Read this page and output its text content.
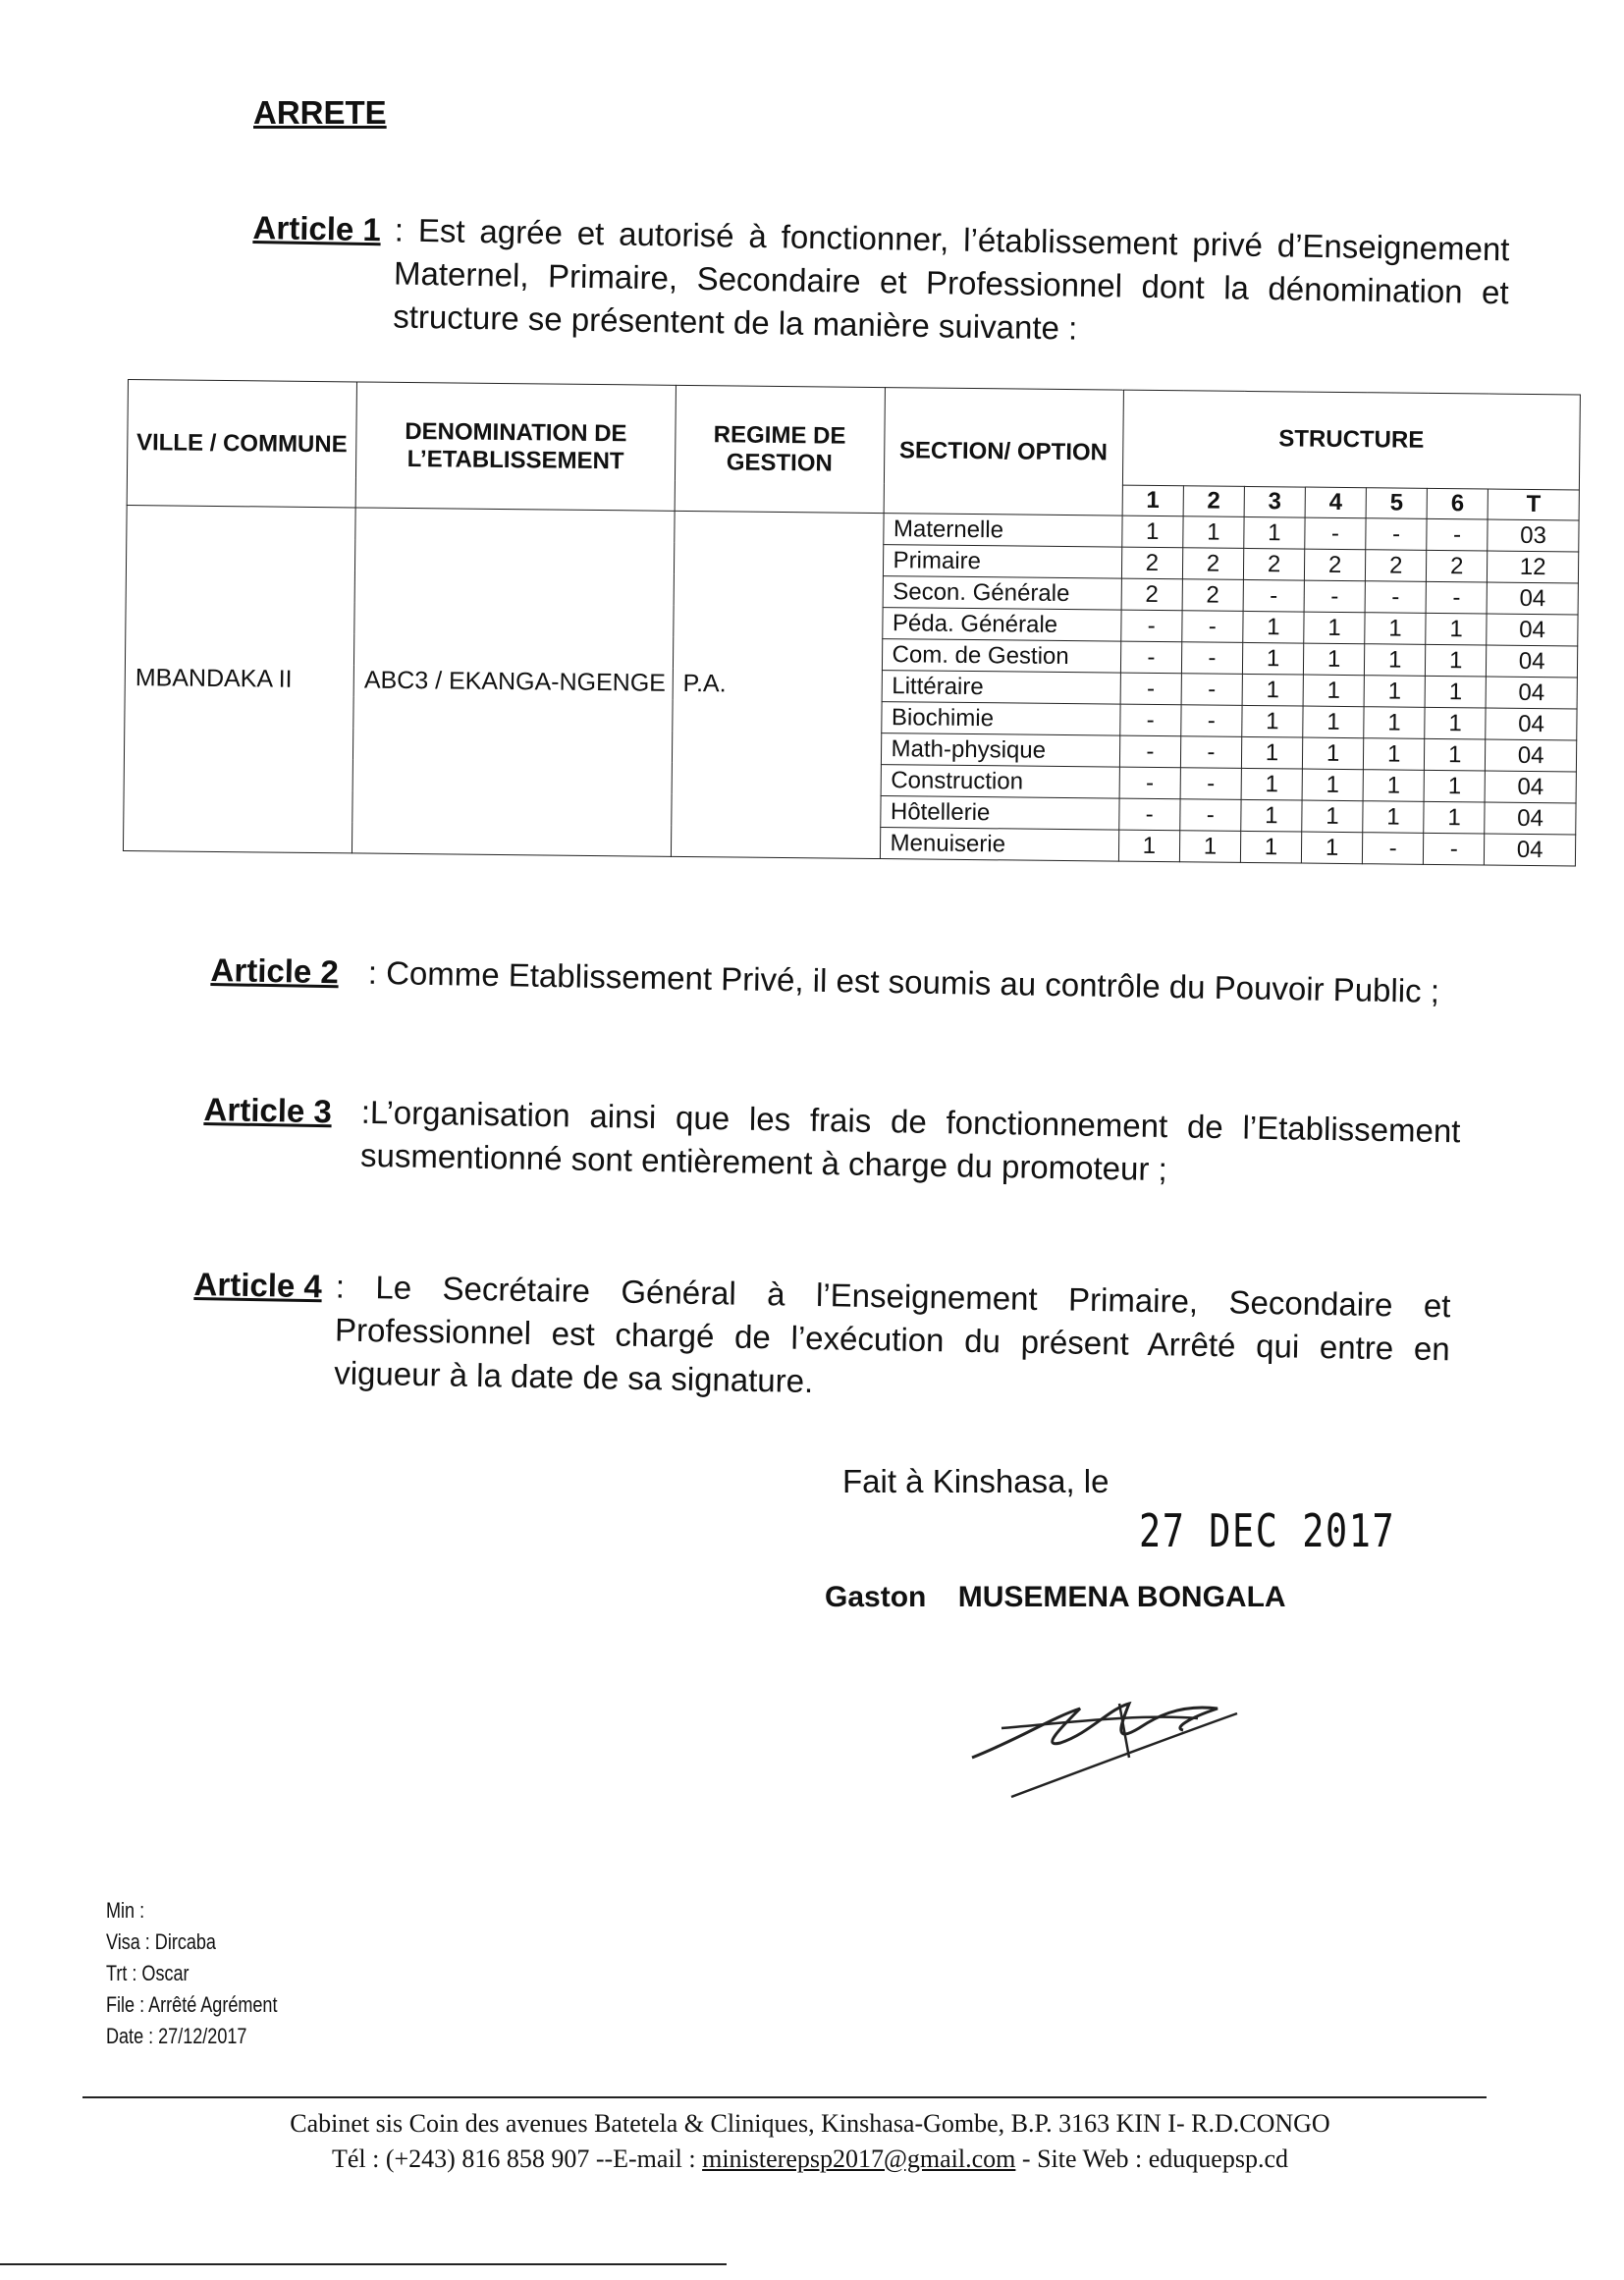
ARRETE
Article 1 : Est agrée et autorisé à fonctionner, l’établissement privé d’Enseignement Maternel, Primaire, Secondaire et Professionnel dont la dénomination et structure se présentent de la manière suivante :
VILLE / COMMUNE	DENOMINATION DE L’ETABLISSEMENT	REGIME DE GESTION	SECTION/ OPTION	STRUCTURE						
				1	2	3	4	5	6	T
MBANDAKA II	ABC3 / EKANGA-NGENGE	P.A.	Maternelle	1	1	1	-	-	-	03
			Primaire	2	2	2	2	2	2	12
			Secon. Générale	2	2	-	-	-	-	04
			Péda. Générale	-	-	1	1	1	1	04
			Com. de Gestion	-	-	1	1	1	1	04
			Littéraire	-	-	1	1	1	1	04
			Biochimie	-	-	1	1	1	1	04
			Math-physique	-	-	1	1	1	1	04
			Construction	-	-	1	1	1	1	04
			Hôtellerie	-	-	1	1	1	1	04
			Menuiserie	1	1	1	1	-	-	04
Article 2 : Comme Etablissement Privé, il est soumis au contrôle du Pouvoir Public ;
Article 3 :L’organisation ainsi que les frais de fonctionnement de l’Etablissement susmentionné sont entièrement à charge du promoteur ;
Article 4 : Le Secrétaire Général à l’Enseignement Primaire, Secondaire et Professionnel est chargé de l’exécution du présent Arrêté qui entre en vigueur à la date de sa signature.
Fait à Kinshasa, le
27 DEC 2017
Gaston MUSEMENA BONGALA
Min :
Visa : Dircaba
Trt : Oscar
File : Arrêté Agrément
Date : 27/12/2017
Cabinet sis Coin des avenues Batetela & Cliniques, Kinshasa-Gombe, B.P. 3163 KIN I- R.D.CONGO
Tél : (+243) 816 858 907 --E-mail : ministerepsp2017@gmail.com - Site Web : eduquepsp.cd
